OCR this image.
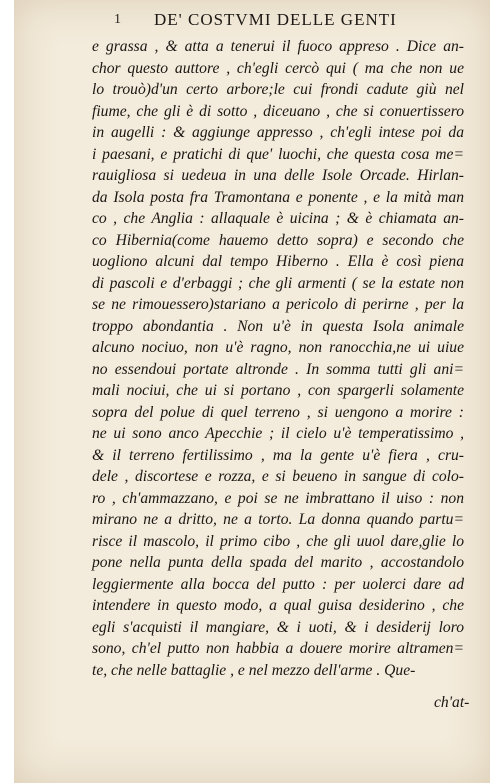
1 DE' COSTVMI DELLE GENTI
e grassa , & atta a tenerui il fuoco appreso . Dice an-
chor questo auttore , ch'egli cercò qui ( ma che non ue
lo trouò)d'un certo arbore;le cui frondi cadute giù nel
fiume, che gli è di sotto , diceuano , che si conuertissero
in augelli : & aggiunge appresso , ch'egli intese poi da
i paesani, e pratichi di que' luochi, che questa cosa me=
rauigliosa si uedeua in una delle Isole Orcade. Hirlan-
da Isola posta fra Tramontana e ponente , e la mità man
co , che Anglia : allaquale è uicina ; & è chiamata an-
co Hibernia(come hauemo detto sopra) e secondo che
uogliono alcuni dal tempo Hiberno . Ella è così piena
di pascoli e d'erbaggi ; che gli armenti ( se la estate non
se ne rimouessero)stariano a pericolo di perirne , per la
troppo abondantia . Non u'è in questa Isola animale
alcuno nociuo, non u'è ragno, non ranocchia,ne ui uiue
no essendoui portate altronde . In somma tutti gli ani=
mali nociui, che ui si portano , con spargerli solamente
sopra del polue di quel terreno , si uengono a morire :
ne ui sono anco Apecchie ; il cielo u'è temperatissimo ,
& il terreno fertilissimo , ma la gente u'è fiera , cru-
dele , discortese e rozza, e si beueno in sangue di colo-
ro , ch'ammazzano, e poi se ne imbrattano il uiso : non
mirano ne a dritto, ne a torto. La donna quando partu=
risce il mascolo, il primo cibo , che gli uuol dare,glie lo
pone nella punta della spada del marito , accostandolo
leggiermente alla bocca del putto : per uolerci dare ad
intendere in questo modo, a qual guisa desiderino , che
egli s'acquisti il mangiare, & i uoti, & i desiderij loro
sono, ch'el putto non habbia a douere morire altramen=
te, che nelle battaglie , e nel mezzo dell'arme . Que-
ch'at-
